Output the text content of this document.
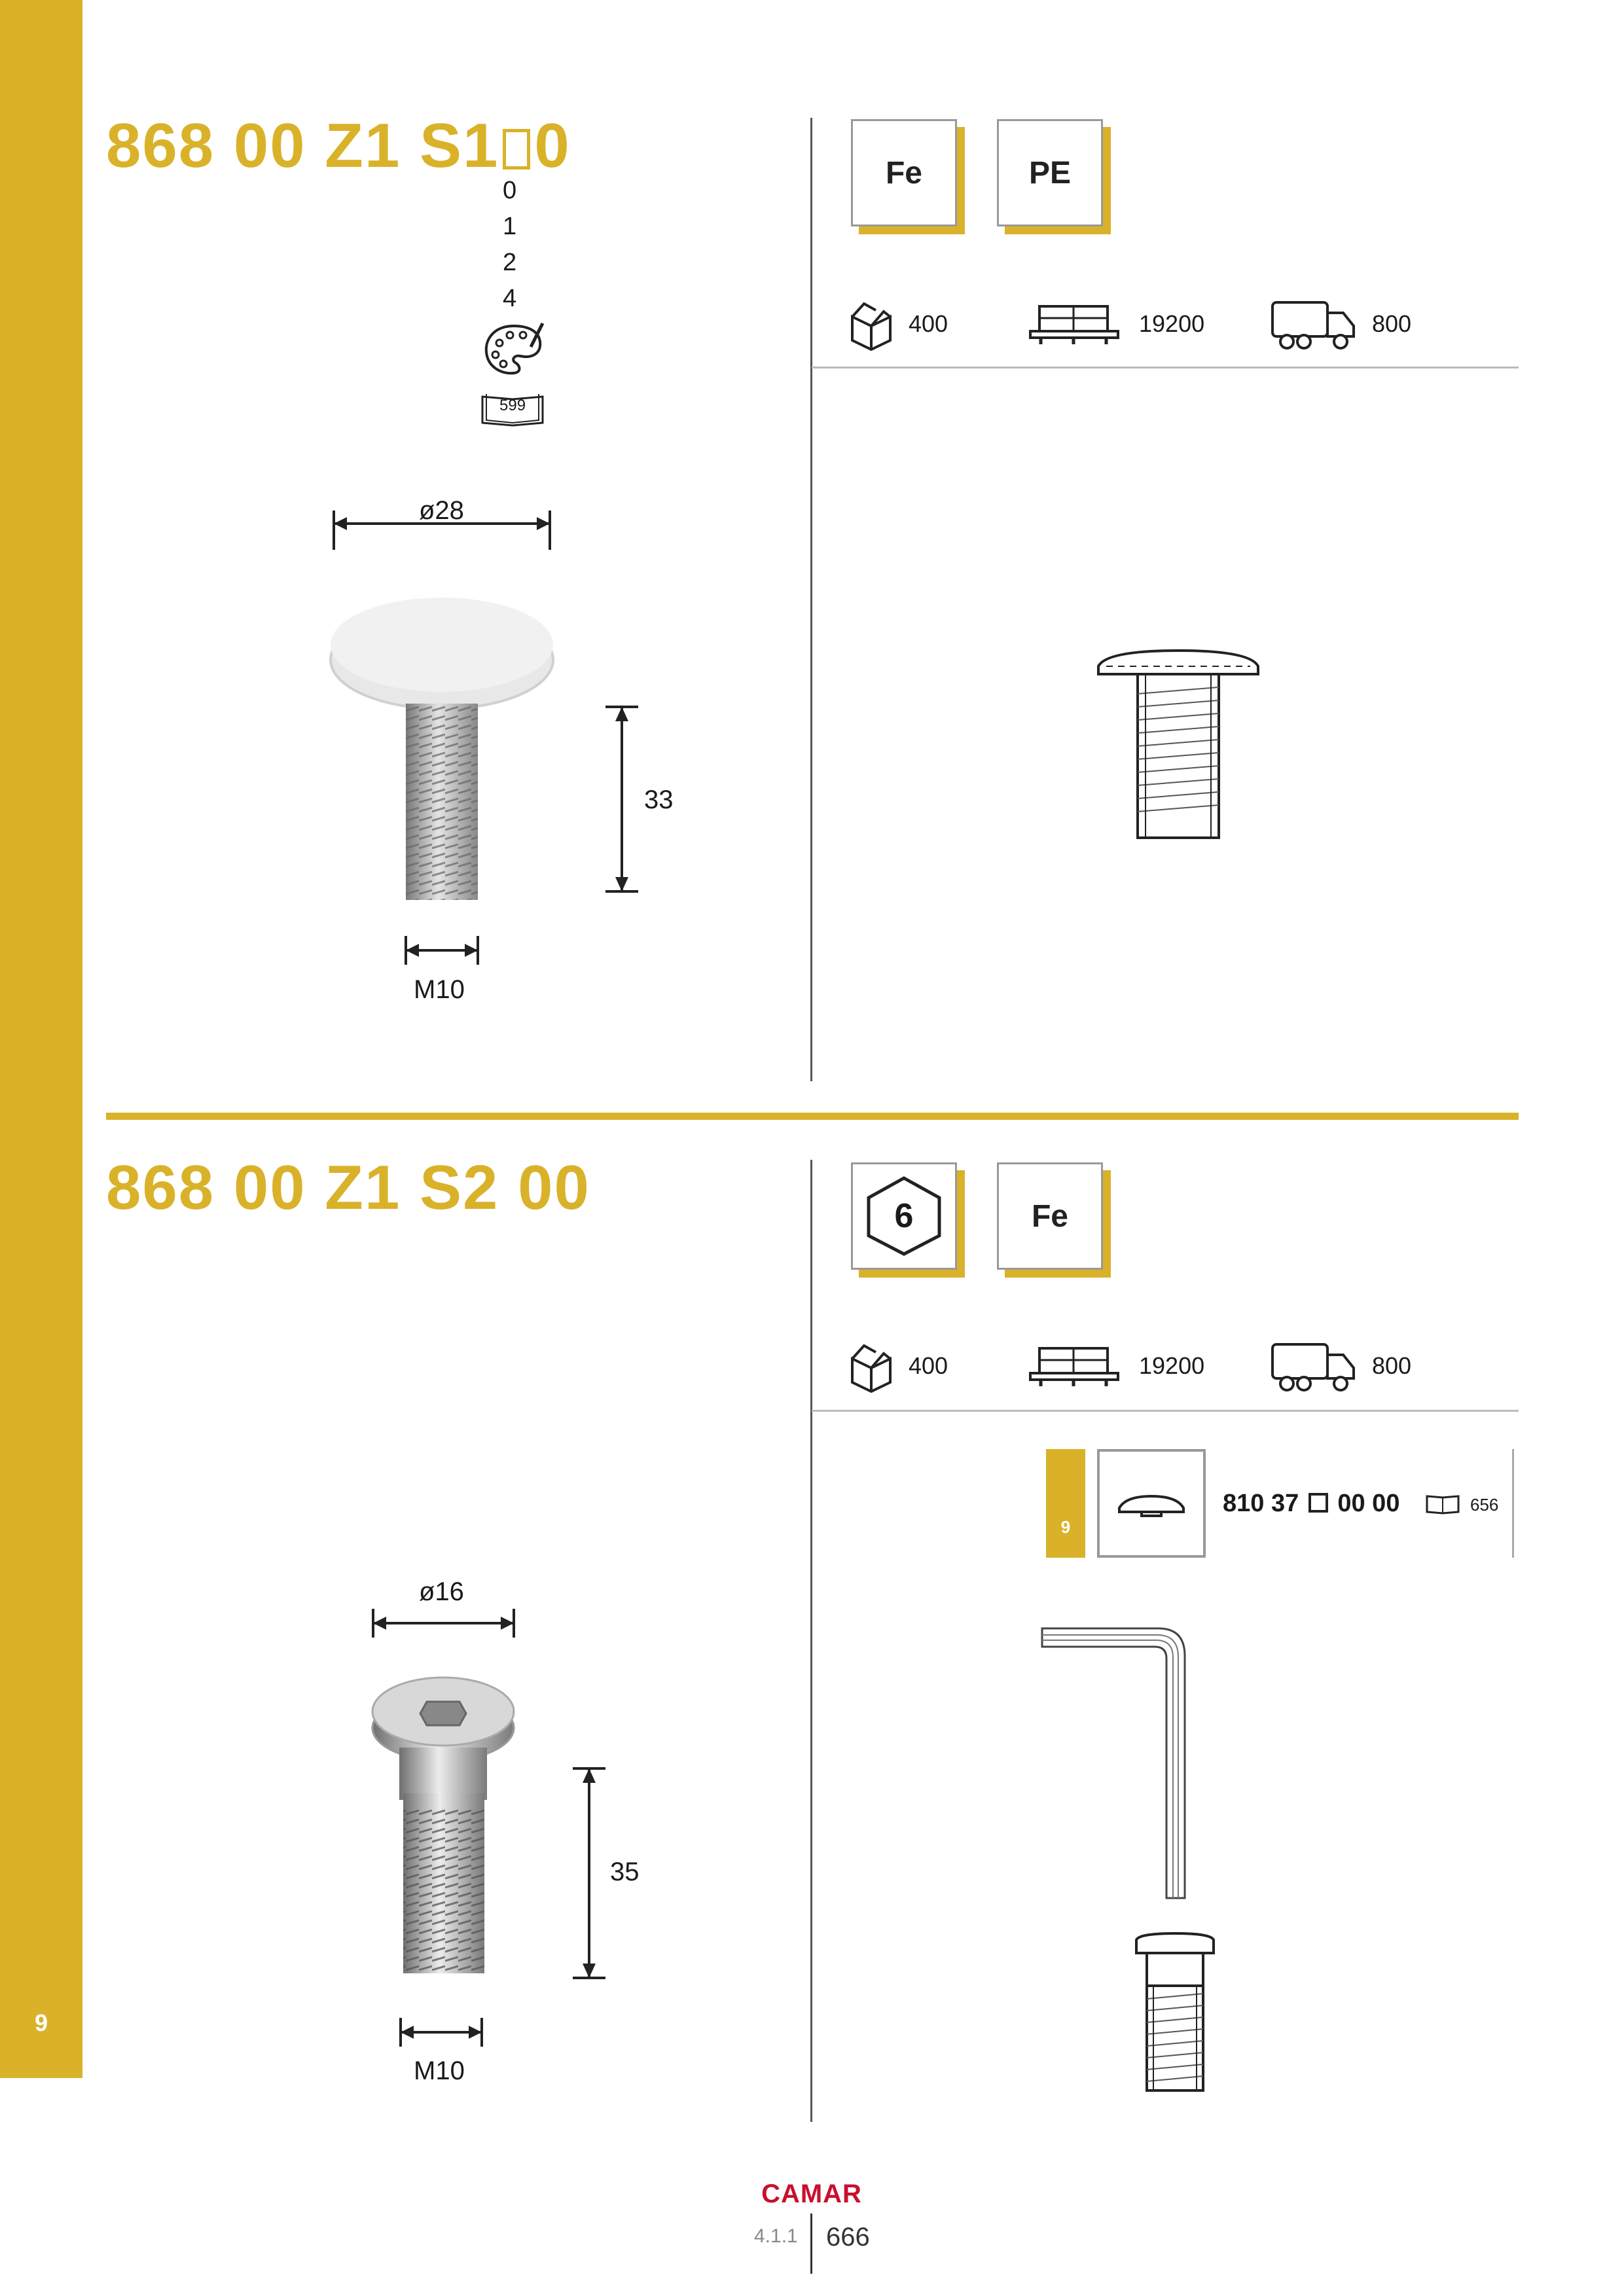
9
868 00 Z1 S1 0
0
1
2
4
599
Fe	PE
400	19200	800
ø28
33
M10
868 00 Z1 S2 00	6	Fe
400	19200	800
9
810 37 00 00	656
ø16
35
M10
CAMAR
4.1.1 666
